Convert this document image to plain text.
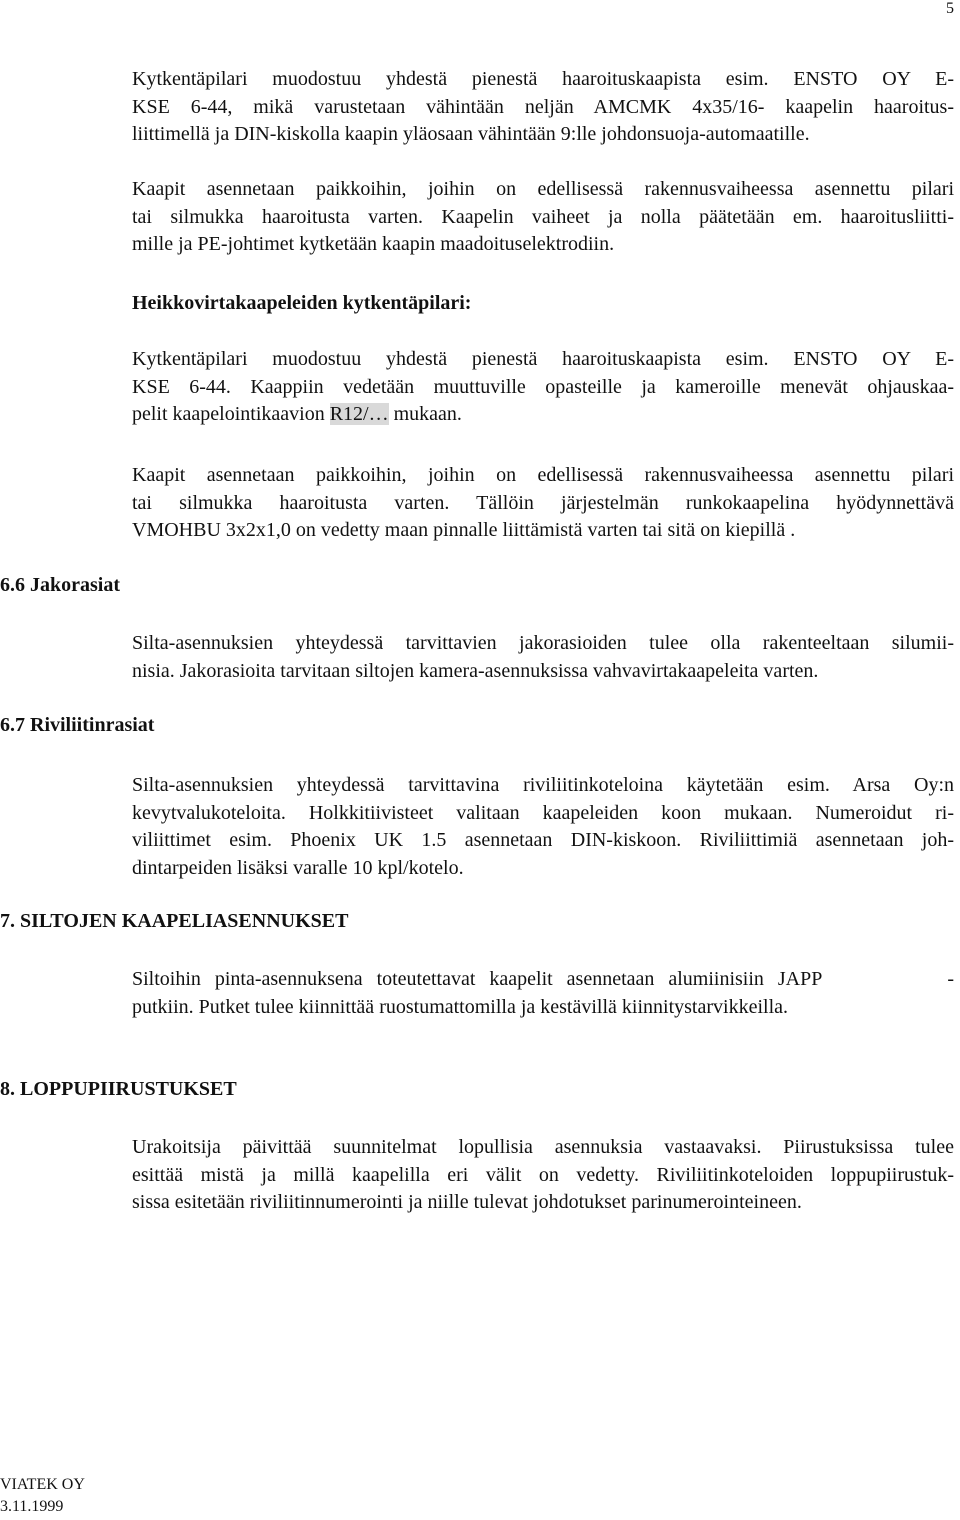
5

Kytkentäpilari muodostuu yhdestä pienestä haaroituskaapista esim. ENSTO OY E-
KSE 6-44, mikä varustetaan vähintään neljän AMCMK 4x35/16- kaapelin haaroitus-
liittimellä ja DIN-kiskolla kaapin yläosaan vähintään 9:lle johdonsuoja-automaatille.

Kaapit asennetaan paikkoihin, joihin on edellisessä rakennusvaiheessa asennettu pilari
tai silmukka haaroitusta varten. Kaapelin vaiheet ja nolla päätetään em. haaroitusliitti-
mille ja PE-johtimet kytketään kaapin maadoituselektrodiin.

Heikkovirtakaapeleiden kytkentäpilari:

Kytkentäpilari muodostuu yhdestä pienestä haaroituskaapista esim. ENSTO OY E-
KSE 6-44. Kaappiin vedetään muuttuville opasteille ja kameroille menevät ohjauskaa-
pelit kaapelointikaavion R12/… mukaan.

Kaapit asennetaan paikkoihin, joihin on edellisessä rakennusvaiheessa asennettu pilari
tai silmukka haaroitusta varten. Tällöin järjestelmän runkokaapelina hyödynnettävä
VMOHBU 3x2x1,0 on vedetty maan pinnalle liittämistä varten tai sitä on kiepillä .

6.6 Jakorasiat

Silta-asennuksien yhteydessä tarvittavien jakorasioiden tulee olla rakenteeltaan silumii-
nisia. Jakorasioita tarvitaan siltojen kamera-asennuksissa vahvavirtakaapeleita varten.

6.7 Riviliitinrasiat

Silta-asennuksien yhteydessä tarvittavina riviliitinkoteloina käytetään esim. Arsa Oy:n
kevytvalukoteloita. Holkkitiivisteet valitaan kaapeleiden koon mukaan. Numeroidut ri-
viliittimet esim. Phoenix UK 1.5 asennetaan DIN-kiskoon. Riviliittimiä asennetaan joh-
dintarpeiden lisäksi varalle 10 kpl/kotelo.

7. SILTOJEN KAAPELIASENNUKSET

Siltoihin pinta-asennuksena toteutettavat kaapelit asennetaan alumiinisiin JAPP         -
putkiin. Putket tulee kiinnittää ruostumattomilla ja kestävillä kiinnitystarvikkeilla.

8. LOPPUPIIRUSTUKSET

Urakoitsija päivittää suunnitelmat lopullisia asennuksia vastaavaksi. Piirustuksissa tulee
esittää mistä ja millä kaapelilla eri välit on vedetty. Riviliitinkoteloiden loppupiirustuk-
sissa esitetään riviliitinnumerointi ja niille tulevat johdotukset parinumerointeineen.

VIATEK OY
3.11.1999
